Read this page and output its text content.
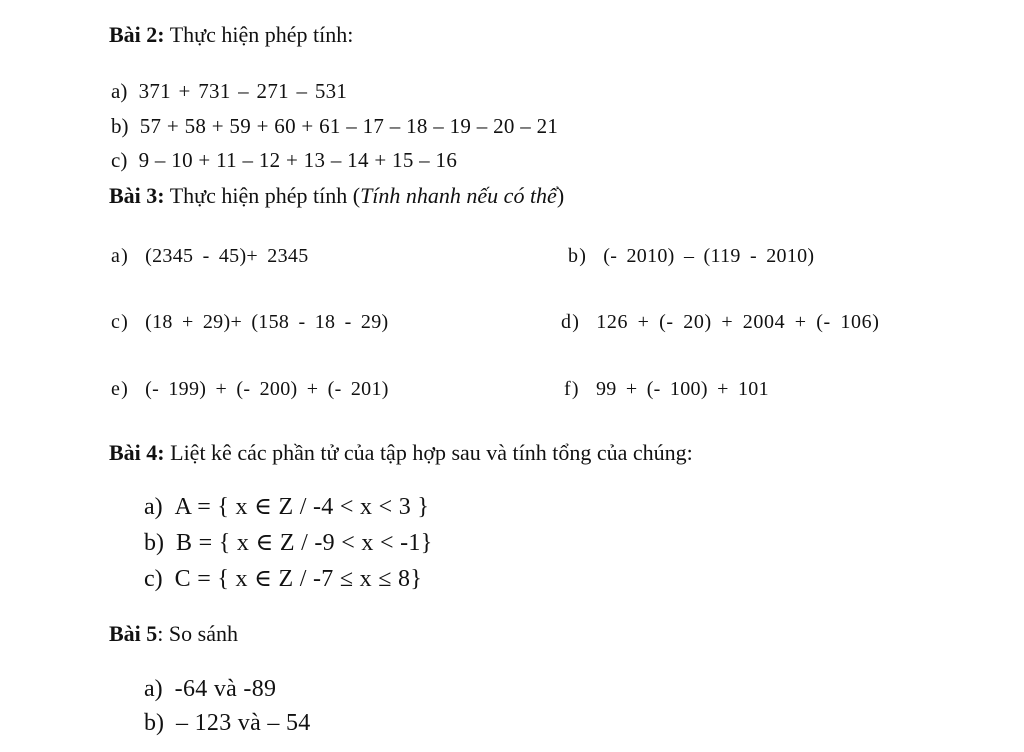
Bài 2: Thực hiện phép tính:
a) 371 + 731 – 271 – 531
b) 57 + 58 + 59 + 60 + 61 – 17 – 18 – 19 – 20 – 21
c) 9 – 10 + 11 – 12 + 13 – 14 + 15 – 16
Bài 3: Thực hiện phép tính (Tính nhanh nếu có thể)
a) (2345 - 45)+ 2345	b) (- 2010) – (119 - 2010)
c) (18 + 29)+ (158 - 18 - 29)	d) 126 + (- 20) + 2004 + (- 106)
e) (- 199) + (- 200) + (- 201)	f) 99 + (- 100) + 101
Bài 4: Liệt kê các phần tử của tập hợp sau và tính tổng của chúng:
a) A = { x ∈ Z / -4 < x < 3 }
b) B = { x ∈ Z / -9 < x < -1}
c) C = { x ∈ Z / -7 ≤ x ≤ 8}
Bài 5: So sánh
a) -64 và -89
b) – 123 và – 54
